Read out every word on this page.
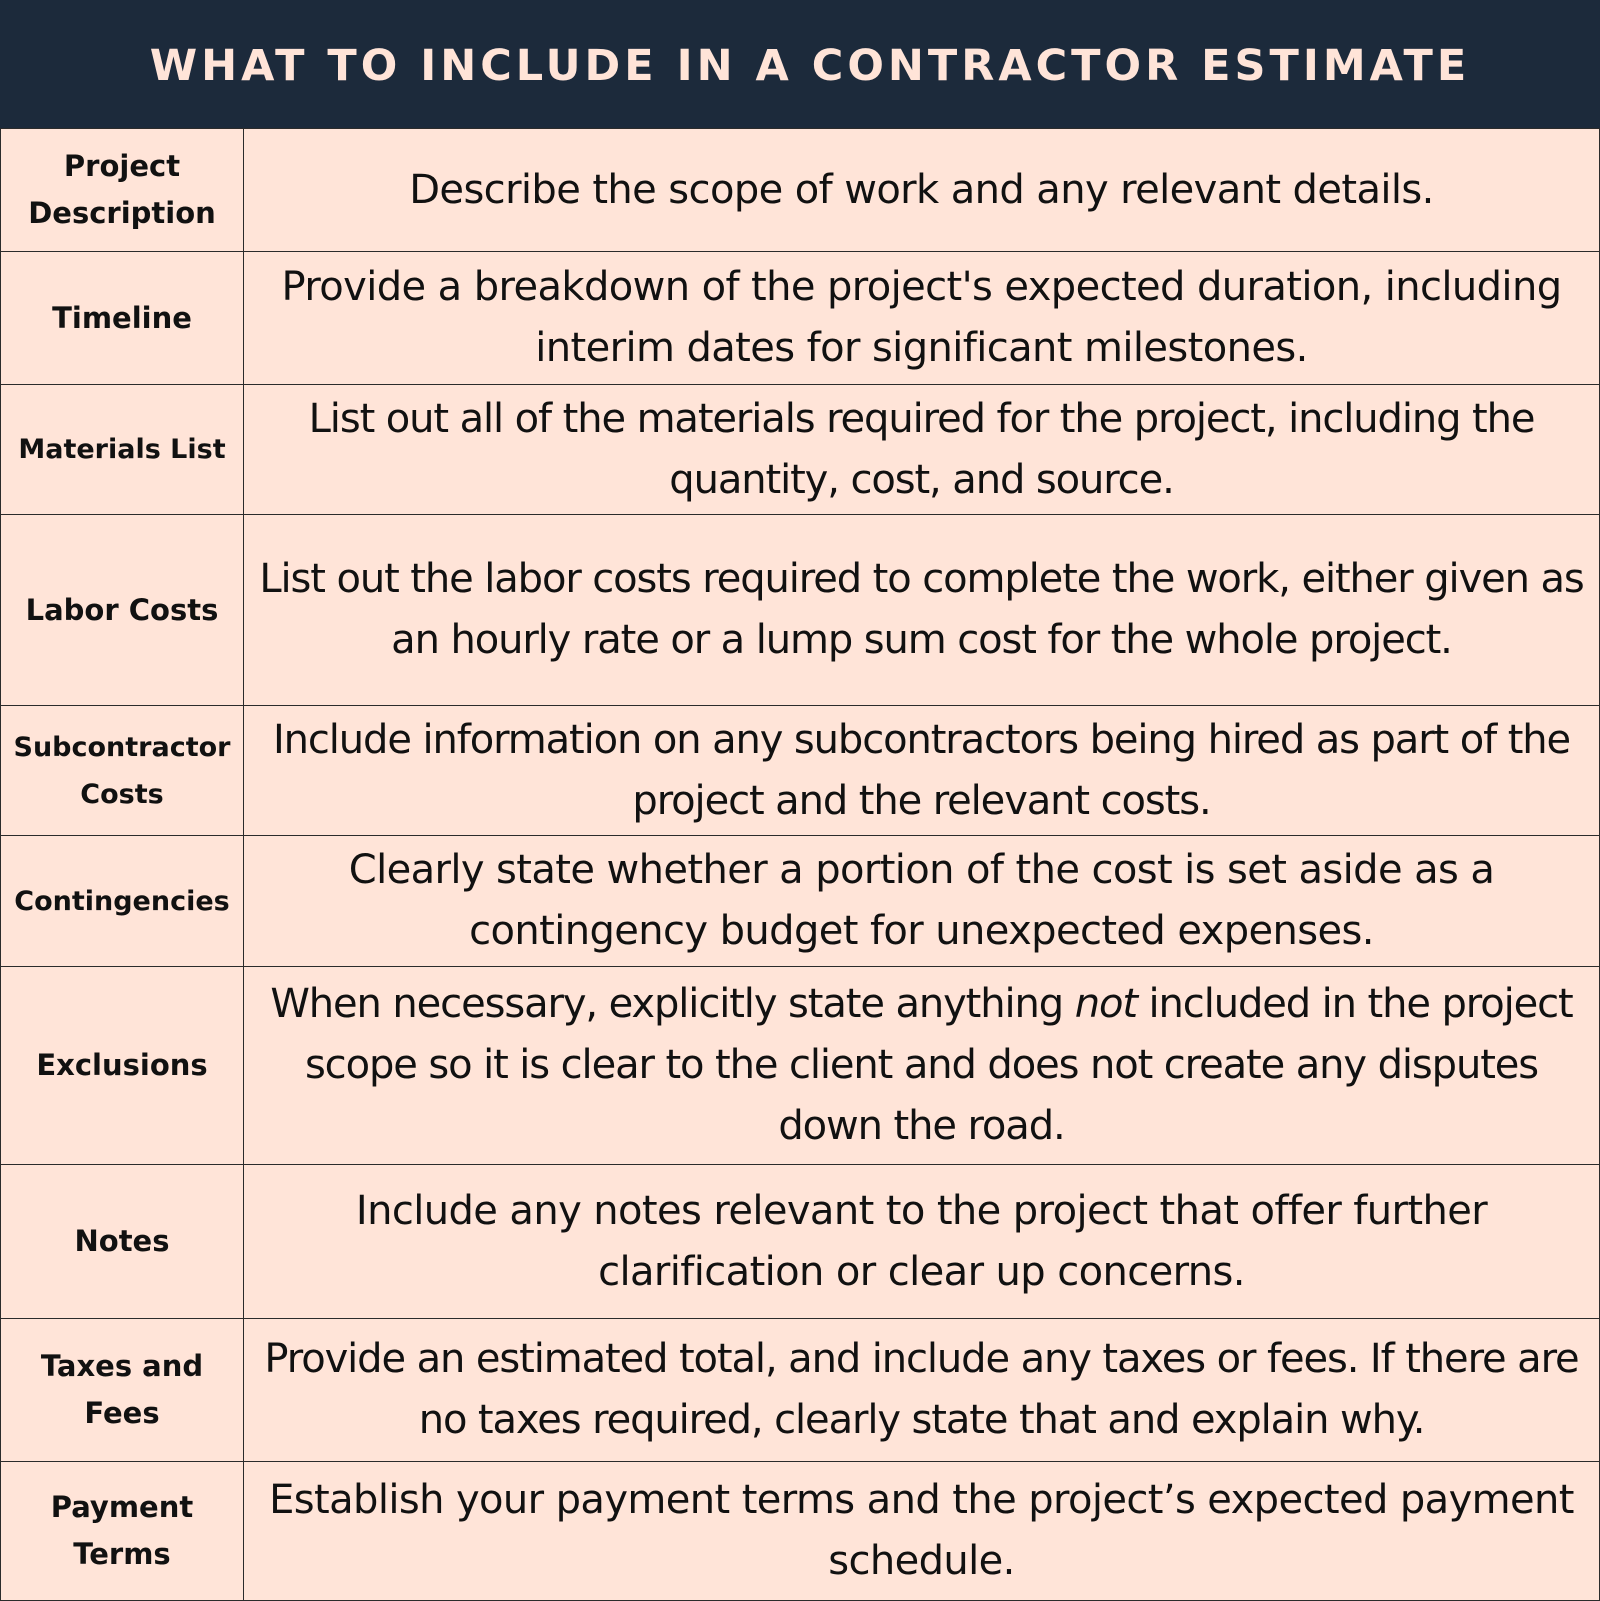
WHAT TO INCLUDE IN A CONTRACTOR ESTIMATE
Project Description	Describe the scope of work and any relevant details.

Timeline	Provide a breakdown of the project's expected duration, including interim dates for significant milestones.

Materials List	List out all of the materials required for the project, including the quantity, cost, and source.

Labor Costs	List out the labor costs required to complete the work, either given as an hourly rate or a lump sum cost for the whole project.

Subcontractor Costs	Include information on any subcontractors being hired as part of the project and the relevant costs.

Contingencies	Clearly state whether a portion of the cost is set aside as a contingency budget for unexpected expenses.

Exclusions	When necessary, explicitly state anything not included in the project scope so it is clear to the client and does not create any disputes down the road.

Notes	Include any notes relevant to the project that offer further clarification or clear up concerns.

Taxes and Fees	Provide an estimated total, and include any taxes or fees. If there are no taxes required, clearly state that and explain why.

Payment Terms	Establish your payment terms and the project’s expected payment schedule.
